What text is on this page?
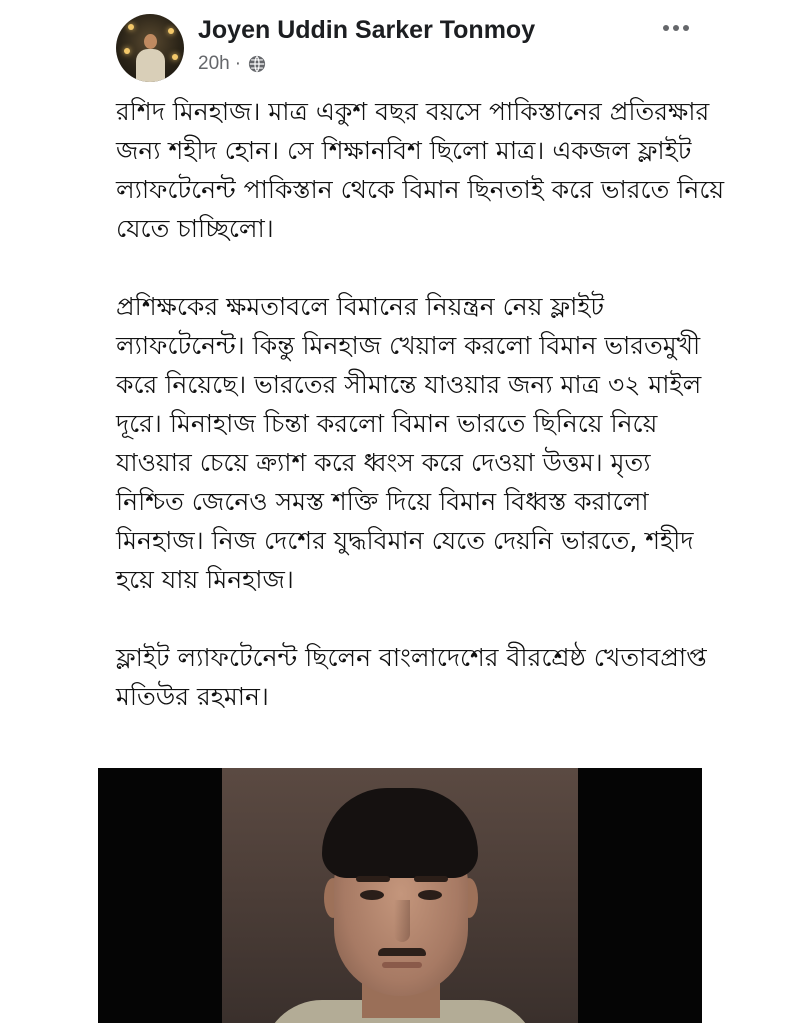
Joyen Uddin Sarker Tonmoy
20h ·

রশিদ মিনহাজ। মাত্র একুশ বছর বয়সে পাকিস্তানের প্রতিরক্ষার জন্য শহীদ হোন। সে শিক্ষানবিশ ছিলো মাত্র। একজল ফ্লাইট ল্যাফটেনেন্ট পাকিস্তান থেকে বিমান ছিনতাই করে ভারতে নিয়ে যেতে চাচ্ছিলো।

প্রশিক্ষকের ক্ষমতাবলে বিমানের নিয়ন্ত্রন নেয় ফ্লাইট ল্যাফটেনেন্ট। কিন্তু মিনহাজ খেয়াল করলো বিমান ভারতমুখী করে নিয়েছে। ভারতের সীমান্তে যাওয়ার জন্য মাত্র ৩২ মাইল দূরে। মিনাহাজ চিন্তা করলো বিমান ভারতে ছিনিয়ে নিয়ে যাওয়ার চেয়ে ক্র্যাশ করে ধ্বংস করে দেওয়া উত্তম। মৃত্য নিশ্চিত জেনেও সমস্ত শক্তি দিয়ে বিমান বিধ্বস্ত করালো মিনহাজ। নিজ দেশের যুদ্ধবিমান যেতে দেয়নি ভারতে, শহীদ হয়ে যায় মিনহাজ।

ফ্লাইট ল্যাফটেনেন্ট ছিলেন বাংলাদেশের বীরশ্রেষ্ঠ খেতাবপ্রাপ্ত মতিউর রহমান।
